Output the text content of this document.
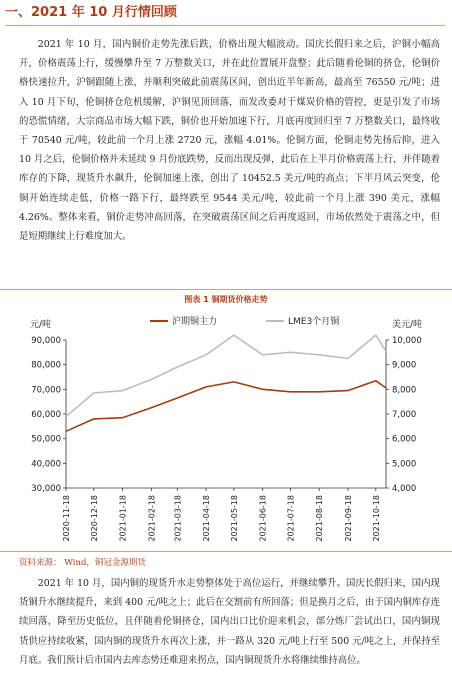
一、2021 年 10 月行情回顾

2021 年 10 月，国内铜价走势先涨后跌，价格出现大幅波动。国庆长假归来之后，沪铜小幅高开，价格震荡上行，缓慢攀升至 7 万整数关口，并在此位置展开盘整；此后随着伦铜的挤仓，伦铜价格快速拉升，沪铜跟随上涨，并顺利突破此前震荡区间，创出近半年新高，最高至 76550 元/吨；进入 10 月下旬，伦铜挤仓危机缓解，沪铜见顶回落，而发改委对于煤炭价格的管控，更是引发了市场的恐慌情绪，大宗商品市场大幅下跌，铜价也开始加速下行，月底再度回归至 7 万整数关口，最终收于 70540 元/吨，较此前一个月上涨 2720 元，涨幅 4.01%。伦铜方面，伦铜走势先扬后抑，进入 10 月之后，伦铜价格并未延续 9 月份底跌势，反而出现反弹，此后在上半月价格震荡上行，并伴随着库存的下降，现货升水飙升，伦铜加速上涨，创出了 10452.5 美元/吨的高点；下半月风云突变，伦铜开始连续走低，价格一路下行，最终跌至 9544 美元/吨，较此前一个月上涨 390 美元，涨幅 4.26%。整体来看，铜价走势冲高回落，在突破震荡区间之后再度返回，市场依然处于震荡之中，但是短期继续上行难度加大。

图表 1 铜期货价格走势
元/吨	美元/吨
30,000
40,000
50,000
60,000
70,000
80,000
90,000
4,000
5,000
6,000
7,000
8,000
9,000
10,000
2020-11-18 2020-12-18 2021-01-18 2021-02-18 2021-03-18 2021-04-18 2021-05-18 2021-06-18 2021-07-18 2021-08-18 2021-09-18 2021-10-18
沪期铜主力	LME3个月铜
资料来源： Wind，铜冠金源期货

2021 年 10 月，国内铜的现货升水走势整体处于高位运行，并继续攀升。国庆长假归来，国内现货铜升水继续提升，来到 400 元/吨之上；此后在交割前有所回落；但是换月之后，由于国内铜库存连续回落，降至历史低位，且伴随着伦铜挤仓，国内出口比价迎来机会，部分炼厂尝试出口，国内铜现货供应持续收紧，国内铜的现货升水再次上涨，并一路从 320 元/吨上行至 500 元/吨之上，并保持至月底。我们预计后市国内去库态势还难迎来拐点，国内铜现货升水将继续维持高位。
